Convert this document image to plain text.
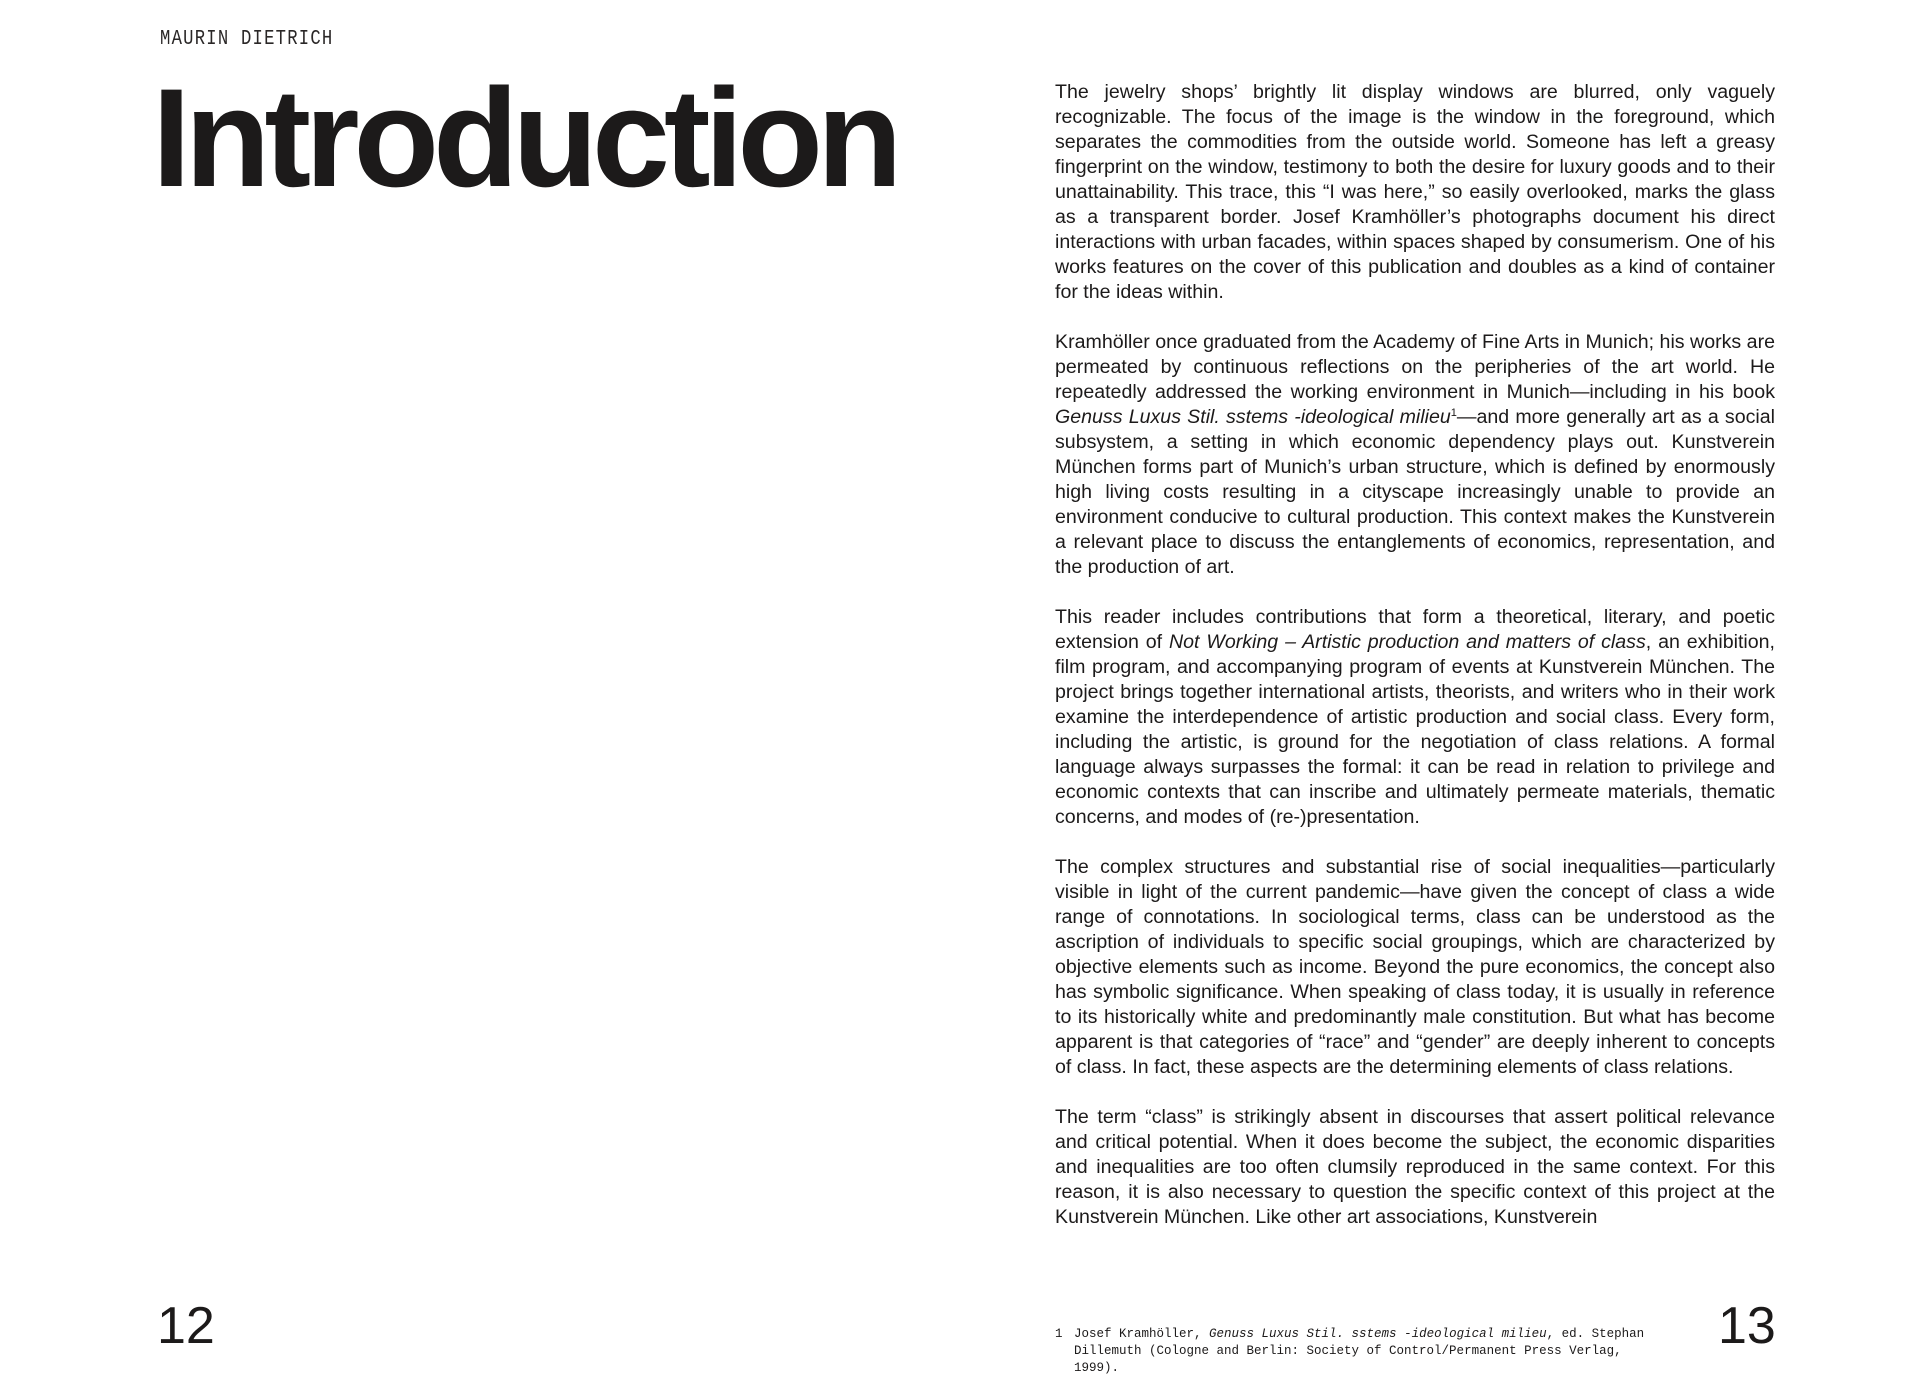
MAURIN DIETRICH
Introduction	The jewelry shops’ brightly lit display windows are blurred, only vaguely recognizable. The focus of the image is the window in the foreground, which separates the commodities from the outside world. Someone has left a greasy fingerprint on the window, testimony to both the desire for luxury goods and to their unattainability. This trace, this “I was here,” so easily overlooked, marks the glass as a transparent border. Josef Kramhöller’s photographs document his direct interactions with urban facades, within spaces shaped by consumerism. One of his works features on the cover of this publication and doubles as a kind of container for the ideas within.

Kramhöller once graduated from the Academy of Fine Arts in Munich; his works are permeated by continuous reflections on the peripheries of the art world. He repeatedly addressed the working environment in Munich—including in his book Genuss Luxus Stil. sstems -ideological milieu$^1$—and more generally art as a social subsystem, a setting in which economic dependency plays out. Kunstverein München forms part of Munich’s urban structure, which is defined by enormously high living costs resulting in a cityscape increasingly unable to provide an environment conducive to cultural production. This context makes the Kunstverein a relevant place to discuss the entanglements of economics, representation, and the production of art.

This reader includes contributions that form a theoretical, literary, and poetic extension of Not Working – Artistic production and matters of class, an exhibition, film program, and accompanying program of events at Kunstverein München. The project brings together international artists, theorists, and writers who in their work examine the interdependence of artistic production and social class. Every form, including the artistic, is ground for the negotiation of class relations. A formal language always surpasses the formal: it can be read in relation to privilege and economic contexts that can inscribe and ultimately permeate materials, thematic concerns, and modes of (re-)presentation.

The complex structures and substantial rise of social inequalities—particularly visible in light of the current pandemic—have given the concept of class a wide range of connotations. In sociological terms, class can be understood as the ascription of individuals to specific social groupings, which are characterized by objective elements such as income. Beyond the pure economics, the concept also has symbolic significance. When speaking of class today, it is usually in reference to its historically white and predominantly male constitution. But what has become apparent is that categories of “race” and “gender” are deeply inherent to concepts of class. In fact, these aspects are the determining elements of class relations.

The term “class” is strikingly absent in discourses that assert political relevance and critical potential. When it does become the subject, the economic disparities and inequalities are too often clumsily reproduced in the same context. For this reason, it is also necessary to question the specific context of this project at the Kunstverein München. Like other art associations, Kunstverein

12	1 Josef Kramhöller, Genuss Luxus Stil. sstems -ideological milieu, ed. Stephan Dillemuth (Cologne and Berlin: Society of Control/Permanent Press Verlag, 1999).
13
